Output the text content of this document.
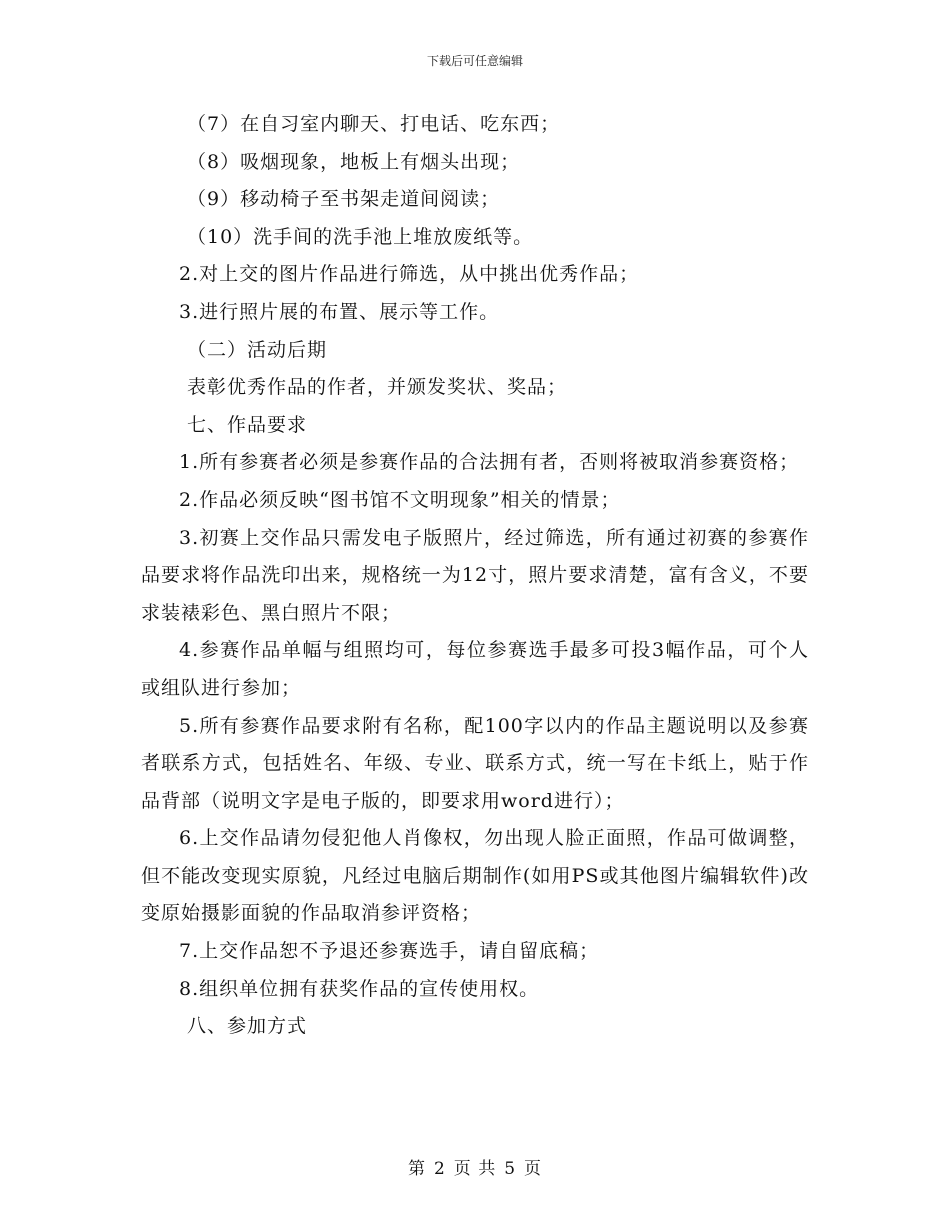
下载后可任意编辑

（7）在自习室内聊天、打电话、吃东西；

（8）吸烟现象，地板上有烟头出现；

（9）移动椅子至书架走道间阅读；

（10）洗手间的洗手池上堆放废纸等。

2.对上交的图片作品进行筛选，从中挑出优秀作品；

3.进行照片展的布置、展示等工作。

（二）活动后期

表彰优秀作品的作者，并颁发奖状、奖品；

七、作品要求

1.所有参赛者必须是参赛作品的合法拥有者，否则将被取消参赛资格；

2.作品必须反映“图书馆不文明现象”相关的情景；

3.初赛上交作品只需发电子版照片，经过筛选，所有通过初赛的参赛作品要求将作品洗印出来，规格统一为12寸，照片要求清楚，富有含义，不要求装裱彩色、黑白照片不限；

4.参赛作品单幅与组照均可，每位参赛选手最多可投3幅作品，可个人或组队进行参加；

5.所有参赛作品要求附有名称，配100字以内的作品主题说明以及参赛者联系方式，包括姓名、年级、专业、联系方式，统一写在卡纸上，贴于作品背部（说明文字是电子版的，即要求用word进行）；

6.上交作品请勿侵犯他人肖像权，勿出现人脸正面照，作品可做调整，但不能改变现实原貌，凡经过电脑后期制作(如用PS或其他图片编辑软件)改变原始摄影面貌的作品取消参评资格；

7.上交作品恕不予退还参赛选手，请自留底稿；

8.组织单位拥有获奖作品的宣传使用权。

八、参加方式

第 2 页 共 5 页
